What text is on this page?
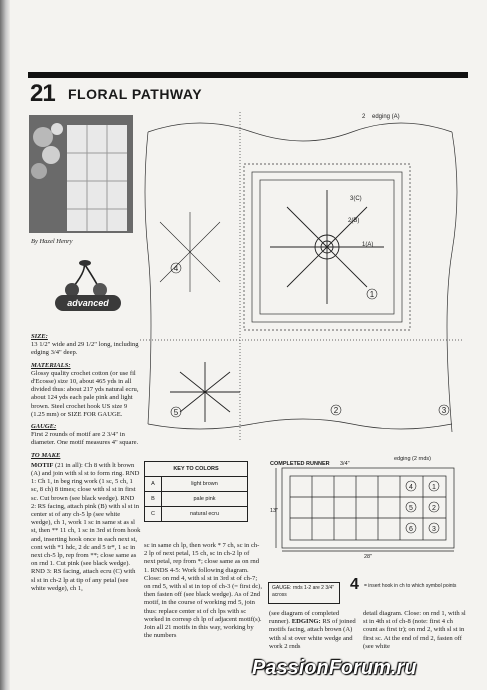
21 FLORAL PATHWAY
By Hazel Henry
advanced

SIZE:
13 1/2" wide and 29 1/2" long, including edging 3/4" deep.

MATERIALS:
Glossy quality crochet cotton (or use fil d'Ecosse) size 10, about 465 yds in all divided thus: about 217 yds natural ecru, about 124 yds each pale pink and light brown. Steel crochet hook US size 9 (1.25 mm) or SIZE FOR GAUGE.

GAUGE:
First 2 rounds of motif are 2 3/4" in diameter. One motif measures 4" square.

TO MAKE

MOTIF (21 in all): Ch 8 with lt brown (A) and join with sl st to form ring. RND 1: Ch 1, in beg ring work (1 sc, 5 ch, 1 sc, 8 ch) 8 times; close with sl st in first sc. Cut brown (see black wedge). RND 2: RS facing, attach pink (B) with sl st in center st of any ch-5 lp (see white wedge), ch 1, work 1 sc in same st as sl st, then ** 11 ch, 1 sc in 3rd st from hook and, inserting hook once in each next st, cont with *1 hdc, 2 dc and 5 tr*, 1 sc in next ch-5 lp, rep from **; close same as on rnd 1. Cut pink (see black wedge). RND 3: RS facing, attach ecru (C) with sl st in ch-2 lp at tip of any petal (see white wedge), ch 1,

2 edging (A)
3(C)
2(B)
1(A)
1
2	3
4
5
KEY TO COLORS	
A	light brown
B	pale pink
C	natural ecru
COMPLETED RUNNER
edging (2 rnds)
3/4"
13"
28"
4	1
5	2
6	3
GAUGE: rnds 1-2 are 2 3/4" across
4 = insert hook in ch to which symbol points

sc in same ch lp, then work * 7 ch, sc in ch-2 lp of next petal, 15 ch, sc in ch-2 lp of next petal, rep from *; close same as on rnd 1. RNDS 4-5: Work following diagram. Close: on rnd 4, with sl st in 3rd st of ch-7; on rnd 5, with sl st in top of ch-3 (= first dc), then fasten off (see black wedge). As of 2nd motif, in the course of working rnd 5, join thus: replace center st of ch lps with sc worked in corresp ch lp of adjacent motif(s). Join all 21 motifs in this way, working by the numbers

(see diagram of completed runner). EDGING: RS of joined motifs facing, attach brown (A) with sl st over white wedge and work 2 rnds

detail diagram. Close: on rnd 1, with sl st in 4th st of ch-8 (note: first 4 ch count as first tr); on rnd 2, with sl st in first sc. At the end of rnd 2, fasten off (see white

PassionForum.ru
